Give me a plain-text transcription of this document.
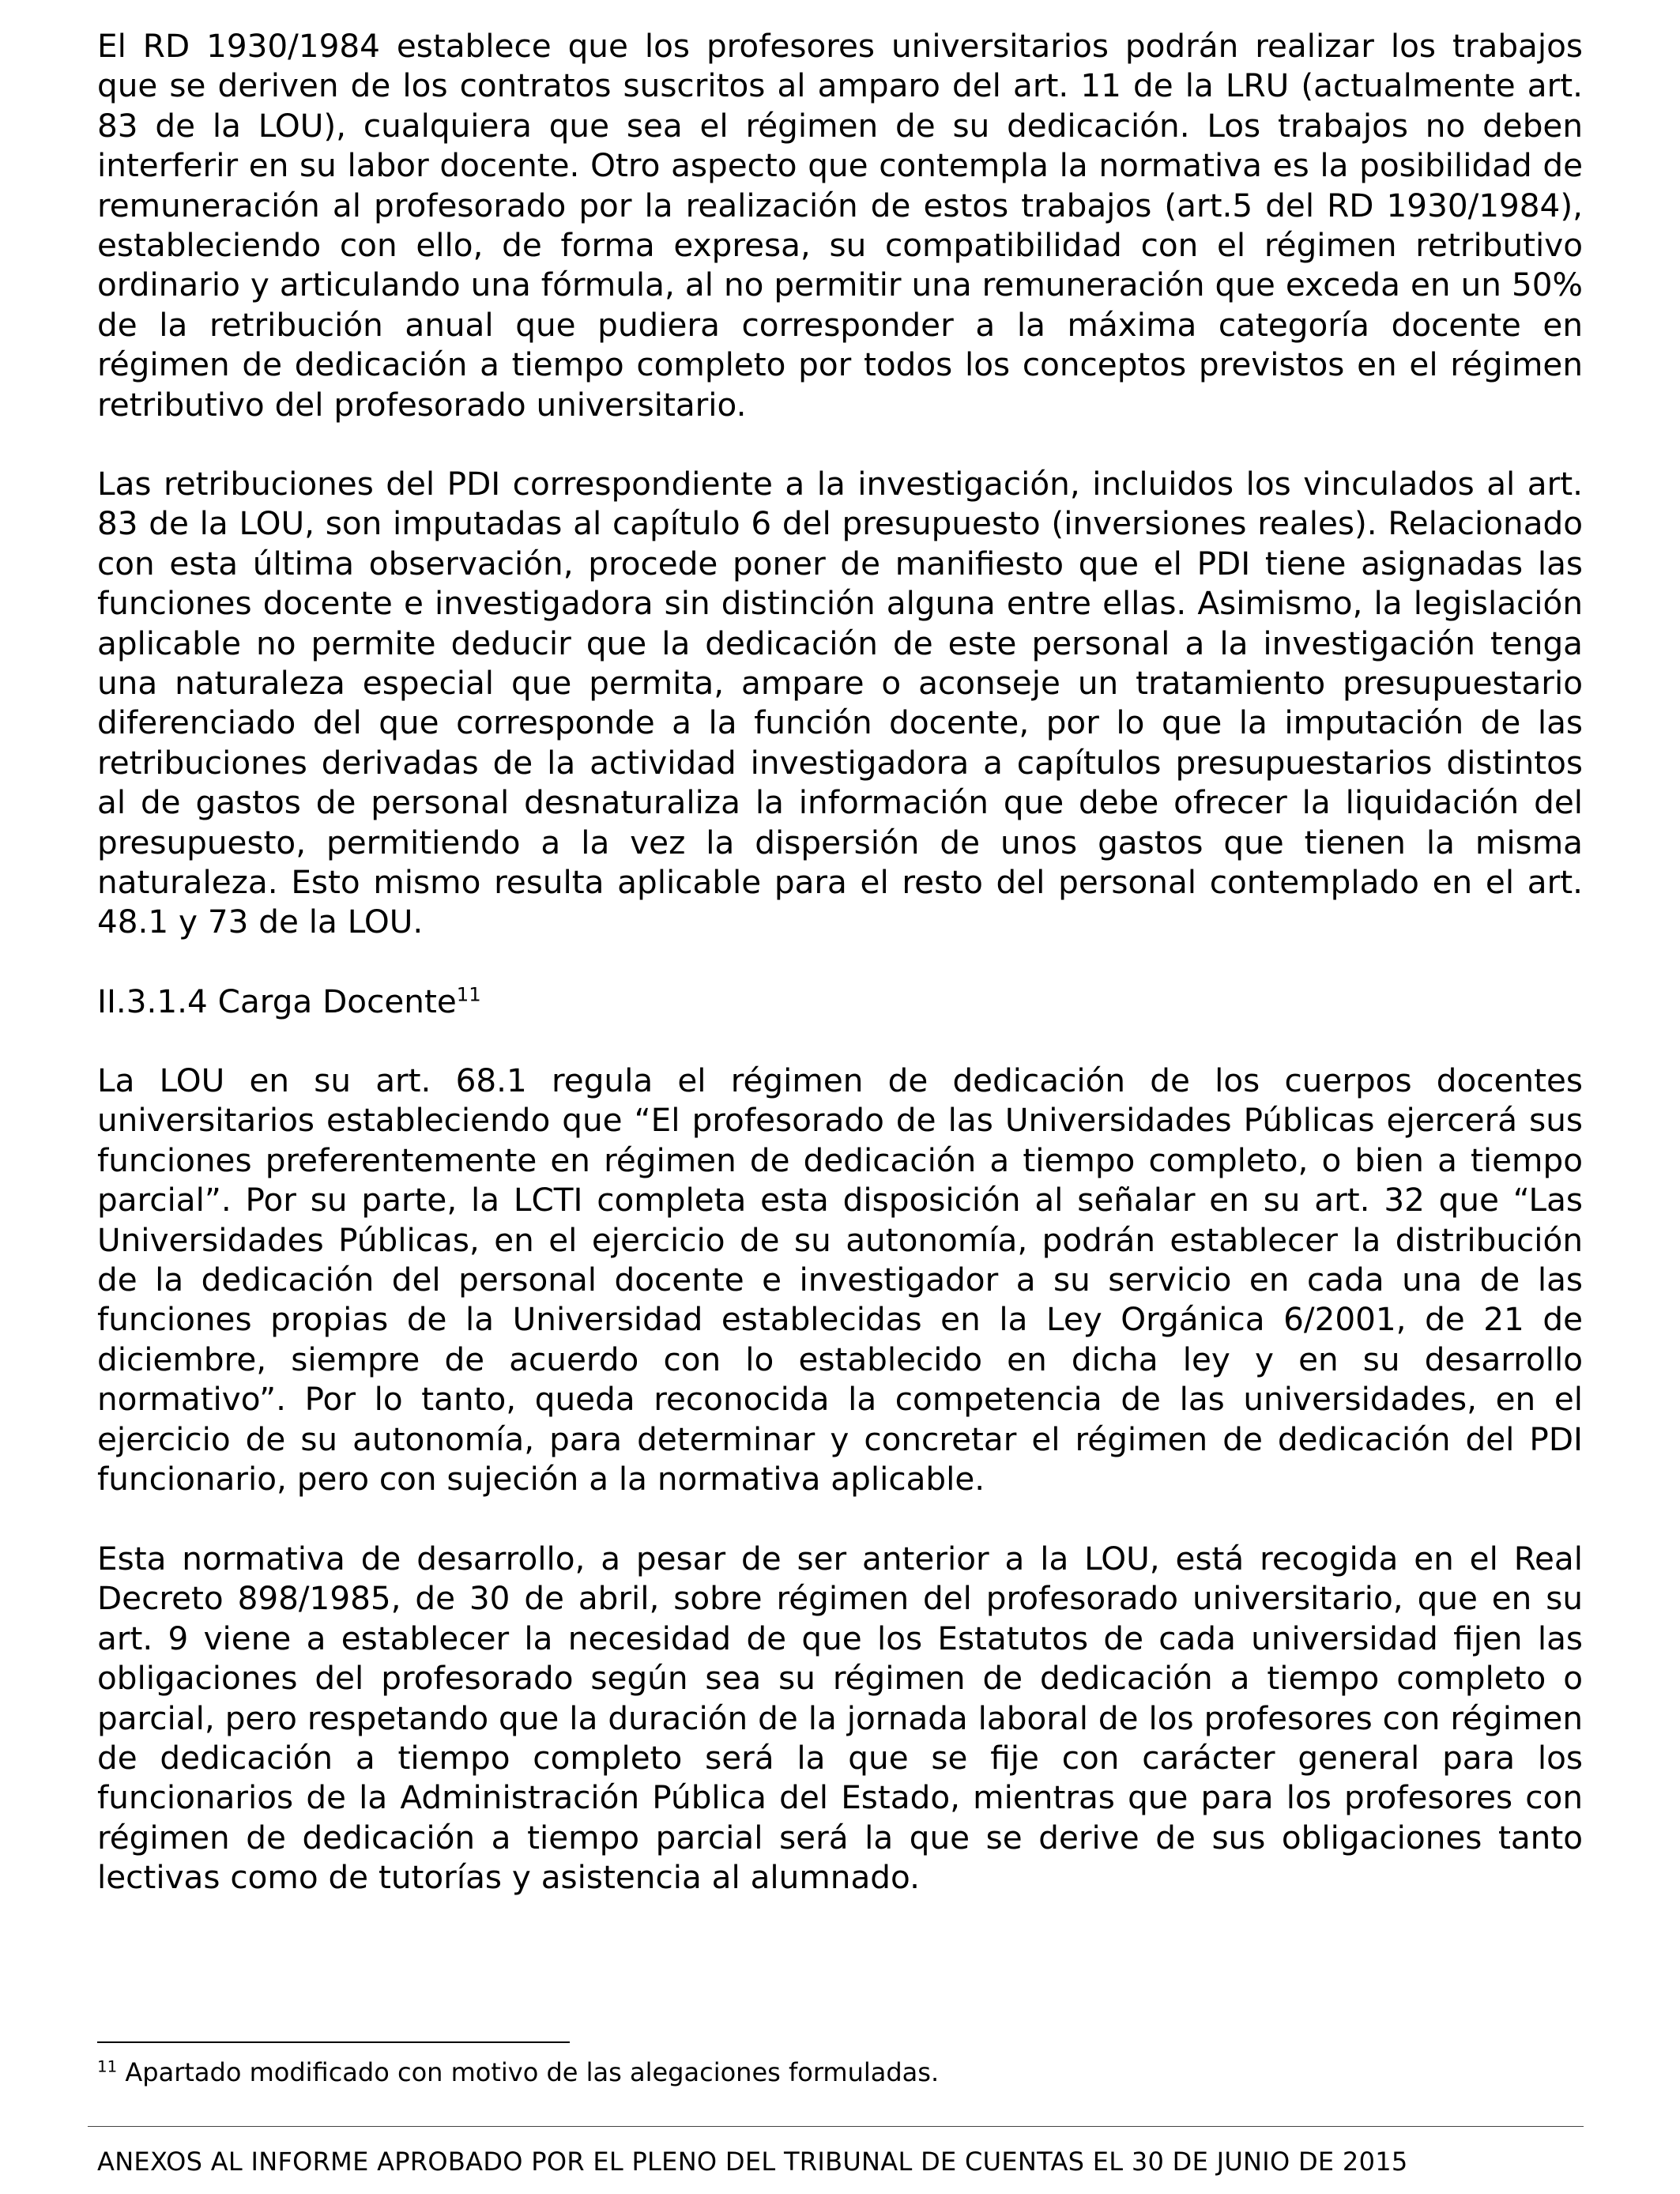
El RD 1930/1984 establece que los profesores universitarios podrán realizar los trabajos que se deriven de los contratos suscritos al amparo del art. 11 de la LRU (actualmente art. 83 de la LOU), cualquiera que sea el régimen de su dedicación. Los trabajos no deben interferir en su labor docente. Otro aspecto que contempla la normativa es la posibilidad de remuneración al profesorado por la realización de estos trabajos (art.5 del RD 1930/1984), estableciendo con ello, de forma expresa, su compatibilidad con el régimen retributivo ordinario y articulando una fórmula, al no permitir una remuneración que exceda en un 50% de la retribución anual que pudiera corresponder a la máxima categoría docente en régimen de dedicación a tiempo completo por todos los conceptos previstos en el régimen retributivo del profesorado universitario.

Las retribuciones del PDI correspondiente a la investigación, incluidos los vinculados al art. 83 de la LOU, son imputadas al capítulo 6 del presupuesto (inversiones reales). Relacionado con esta última observación, procede poner de manifiesto que el PDI tiene asignadas las funciones docente e investigadora sin distinción alguna entre ellas. Asimismo, la legislación aplicable no permite deducir que la dedicación de este personal a la investigación tenga una naturaleza especial que permita, ampare o aconseje un tratamiento presupuestario diferenciado del que corresponde a la función docente, por lo que la imputación de las retribuciones derivadas de la actividad investigadora a capítulos presupuestarios distintos al de gastos de personal desnaturaliza la información que debe ofrecer la liquidación del presupuesto, permitiendo a la vez la dispersión de unos gastos que tienen la misma naturaleza. Esto mismo resulta aplicable para el resto del personal contemplado en el art. 48.1 y 73 de la LOU.

II.3.1.4 Carga Docente$^{11}$

La LOU en su art. 68.1 regula el régimen de dedicación de los cuerpos docentes universitarios estableciendo que “El profesorado de las Universidades Públicas ejercerá sus funciones preferentemente en régimen de dedicación a tiempo completo, o bien a tiempo parcial”. Por su parte, la LCTI completa esta disposición al señalar en su art. 32 que “Las Universidades Públicas, en el ejercicio de su autonomía, podrán establecer la distribución de la dedicación del personal docente e investigador a su servicio en cada una de las funciones propias de la Universidad establecidas en la Ley Orgánica 6/2001, de 21 de diciembre, siempre de acuerdo con lo establecido en dicha ley y en su desarrollo normativo”. Por lo tanto, queda reconocida la competencia de las universidades, en el ejercicio de su autonomía, para determinar y concretar el régimen de dedicación del PDI funcionario, pero con sujeción a la normativa aplicable.

Esta normativa de desarrollo, a pesar de ser anterior a la LOU, está recogida en el Real Decreto 898/1985, de 30 de abril, sobre régimen del profesorado universitario, que en su art. 9 viene a establecer la necesidad de que los Estatutos de cada universidad fijen las obligaciones del profesorado según sea su régimen de dedicación a tiempo completo o parcial, pero respetando que la duración de la jornada laboral de los profesores con régimen de dedicación a tiempo completo será la que se fije con carácter general para los funcionarios de la Administración Pública del Estado, mientras que para los profesores con régimen de dedicación a tiempo parcial será la que se derive de sus obligaciones tanto lectivas como de tutorías y asistencia al alumnado.

$^{11}$ Apartado modificado con motivo de las alegaciones formuladas.

ANEXOS AL INFORME APROBADO POR EL PLENO DEL TRIBUNAL DE CUENTAS EL 30 DE JUNIO DE 2015
